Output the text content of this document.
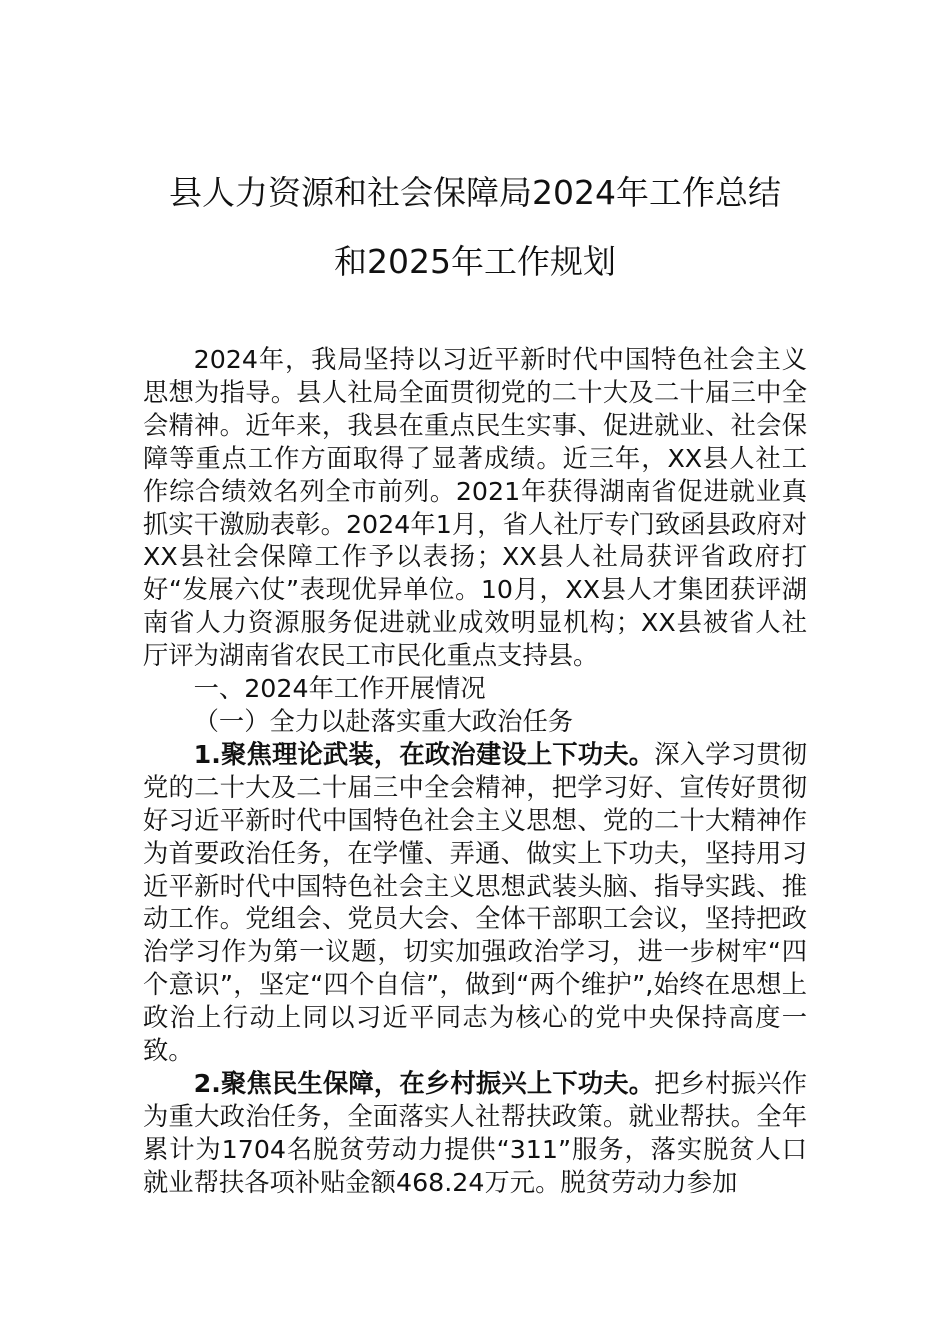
县人力资源和社会保障局2024年工作总结
和2025年工作规划

2024年，我局坚持以习近平新时代中国特色社会主义思想为指导。县人社局全面贯彻党的二十大及二十届三中全会精神。近年来，我县在重点民生实事、促进就业、社会保障等重点工作方面取得了显著成绩。近三年，XX县人社工作综合绩效名列全市前列。2021年获得湖南省促进就业真抓实干激励表彰。2024年1月，省人社厅专门致函县政府对XX县社会保障工作予以表扬；XX县人社局获评省政府打好“发展六仗”表现优异单位。10月，XX县人才集团获评湖南省人力资源服务促进就业成效明显机构；XX县被省人社厅评为湖南省农民工市民化重点支持县。

一、2024年工作开展情况

（一）全力以赴落实重大政治任务

1.聚焦理论武装，在政治建设上下功夫。深入学习贯彻党的二十大及二十届三中全会精神，把学习好、宣传好贯彻好习近平新时代中国特色社会主义思想、党的二十大精神作为首要政治任务，在学懂、弄通、做实上下功夫，坚持用习近平新时代中国特色社会主义思想武装头脑、指导实践、推动工作。党组会、党员大会、全体干部职工会议，坚持把政治学习作为第一议题，切实加强政治学习，进一步树牢“四个意识”，坚定“四个自信”，做到“两个维护”,始终在思想上政治上行动上同以习近平同志为核心的党中央保持高度一致。

2.聚焦民生保障，在乡村振兴上下功夫。把乡村振兴作为重大政治任务，全面落实人社帮扶政策。就业帮扶。全年累计为1704名脱贫劳动力提供“311”服务，落实脱贫人口就业帮扶各项补贴金额468.24万元。脱贫劳动力参加
